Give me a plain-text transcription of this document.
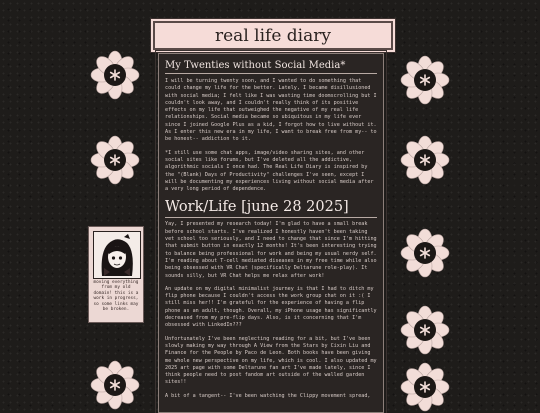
real life diary
My Twenties without Social Media*

I will be turning twenty soon, and I wanted to do something that could change my life for the better. Lately, I became disillusioned with social media; I felt like I was wasting time doomscrolling but I couldn't look away, and I couldn't really think of its positive effects on my life that outweighed the negative of my real life relationships. Social media became so ubiquitous in my life ever since I joined Google Plus as a kid, I forgot how to live without it. As I enter this new era in my life, I want to break free from my-- to be honest-- addiction to it.

*I still use some chat apps, image/video sharing sites, and other social sites like forums, but I've deleted all the addictive, algorithmic socials I once had. The Real Life Diary is inspired by the "(Blank) Days of Productivity" challenges I've seen, except I will be documenting my experiences living without social media after a very long period of dependence.

Work/Life [june 28 2025]

Yay, I presented my research today! I'm glad to have a small break before school starts. I've realized I honestly haven't been taking vet school too seriously, and I need to change that since I'm hitting that submit button in exactly 12 months! It's been interesting trying to balance being professional for work and being my usual nerdy self. I'm reading about T-cell mediated diseases in my free time while also being obsessed with VR Chat (specifically Deltarune role-play). It sounds silly, but VR Chat helps me relax after work!

An update on my digital minimalist journey is that I had to ditch my flip phone because I couldn't access the work group chat on it :( I still miss her!! I'm grateful for the experience of having a flip phone as an adult, though. Overall, my iPhone usage has significantly decreased from my pre-flip days. Also, is it concerning that I'm obsessed with LinkedIn???

Unfortunately I've been neglecting reading for a bit, but I've been slowly making my way through A View from the Stars by Cixin Liu and Finance for the People by Paco de Leon. Both books have been giving me whole new perspective on my life, which is cool. I also updated my 2025 art page with some Deltarune fan art I've made lately, since I think people need to post fandom art outside of the walled garden sites!!

A bit of a tangent-- I've been watching the Clippy movement spread,

moving everything from my old domain! this is a work in progress, so some links may be broken.
